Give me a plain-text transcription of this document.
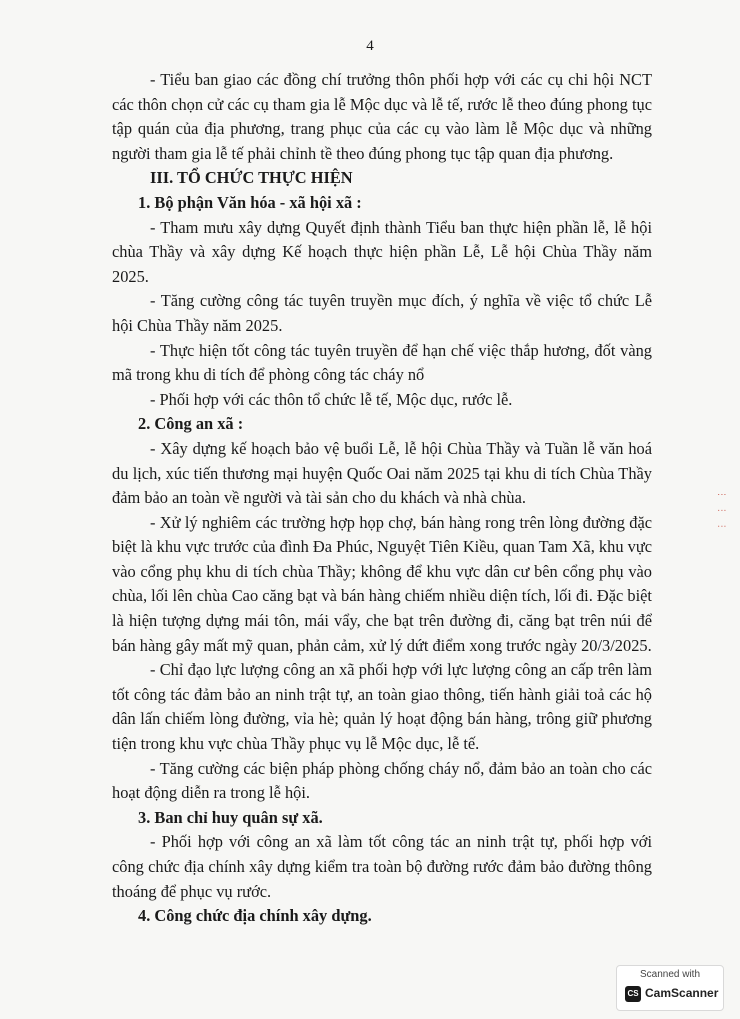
4

- Tiểu ban giao các đồng chí trưởng thôn phối hợp với các cụ chi hội NCT các thôn chọn cử các cụ tham gia lễ Mộc dục và lễ tế, rước lễ theo đúng phong tục tập quán của địa phương, trang phục của các cụ vào làm lễ Mộc dục và những người tham gia lễ tế phải chỉnh tề theo đúng phong tục tập quan địa phương.

III. TỔ CHỨC THỰC HIỆN

1. Bộ phận Văn hóa - xã hội xã :

- Tham mưu xây dựng Quyết định thành Tiểu ban thực hiện phần lễ, lễ hội chùa Thầy và xây dựng Kế hoạch thực hiện phần Lễ, Lễ hội Chùa Thầy năm 2025.

- Tăng cường công tác tuyên truyền mục đích, ý nghĩa về việc tổ chức Lễ hội Chùa Thầy năm 2025.

- Thực hiện tốt công tác tuyên truyền để hạn chế việc thắp hương, đốt vàng mã trong khu di tích để phòng công tác cháy nổ

- Phối hợp với các thôn tổ chức lễ tế, Mộc dục, rước lễ.

2. Công an xã :

- Xây dựng kế hoạch bảo vệ buổi Lễ, lễ hội Chùa Thầy và Tuần lễ văn hoá du lịch, xúc tiến thương mại huyện Quốc Oai năm 2025 tại khu di tích Chùa Thầy đảm bảo an toàn về người và tài sản cho du khách và nhà chùa.

- Xử lý nghiêm các trường hợp họp chợ, bán hàng rong trên lòng đường đặc biệt là khu vực trước của đình Đa Phúc, Nguyệt Tiên Kiều, quan Tam Xã, khu vực vào cổng phụ khu di tích chùa Thầy; không để khu vực dân cư bên cổng phụ vào chùa, lối lên chùa Cao căng bạt và bán hàng chiếm nhiều diện tích, lối đi. Đặc biệt là hiện tượng dựng mái tôn, mái vẩy, che bạt trên đường đi, căng bạt trên núi để bán hàng gây mất mỹ quan, phản cảm, xử lý dứt điểm xong trước ngày 20/3/2025.

- Chỉ đạo lực lượng công an xã phối hợp với lực lượng công an cấp trên làm tốt công tác đảm bảo an ninh trật tự, an toàn giao thông, tiến hành giải toả các hộ dân lấn chiếm lòng đường, vỉa hè; quản lý hoạt động bán hàng, trông giữ phương tiện trong khu vực chùa Thầy phục vụ lễ Mộc dục, lễ tế.

- Tăng cường các biện pháp phòng chống cháy nổ, đảm bảo an toàn cho các hoạt động diễn ra trong lễ hội.

3. Ban chỉ huy quân sự xã.

- Phối hợp với công an xã làm tốt công tác an ninh trật tự, phối hợp với công chức địa chính xây dựng kiểm tra toàn bộ đường rước đảm bảo đường thông thoáng để phục vụ rước.

4. Công chức địa chính xây dựng.

⋮ ⋮ ⋮
Scanned with
CS CamScanner
